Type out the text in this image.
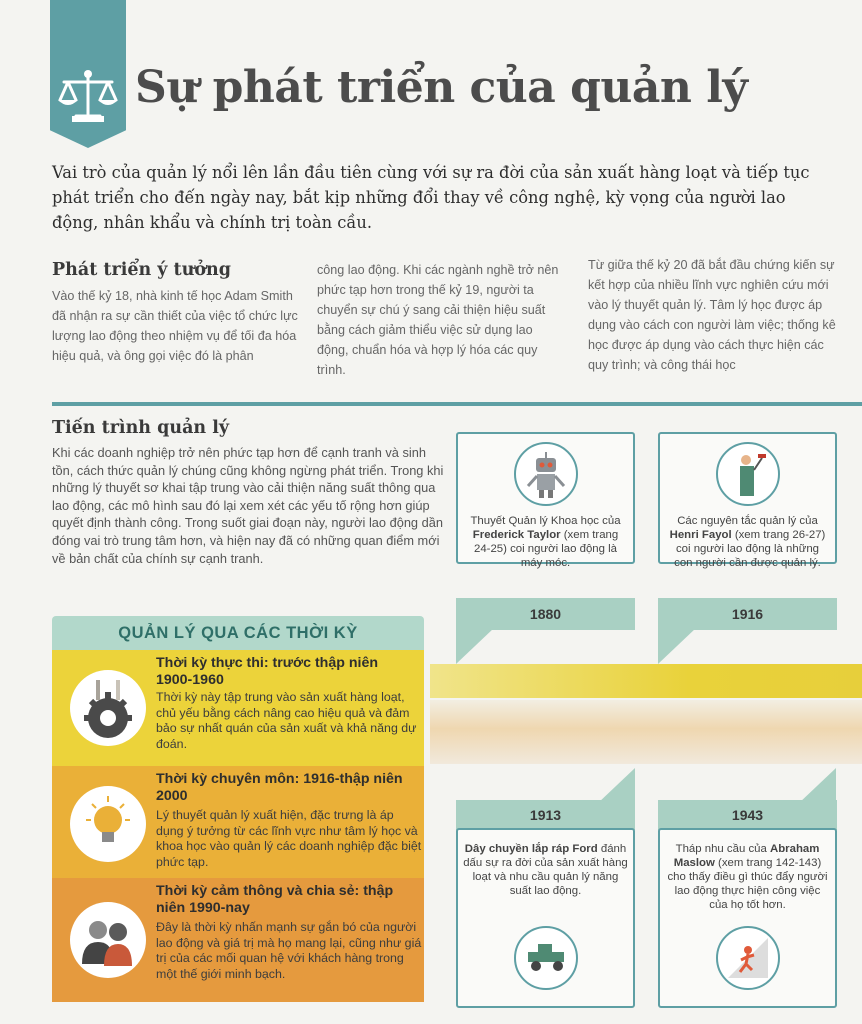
Sự phát triển của quản lý
Vai trò của quản lý nổi lên lần đầu tiên cùng với sự ra đời của sản xuất hàng loạt và tiếp tục phát triển cho đến ngày nay, bắt kịp những đổi thay về công nghệ, kỳ vọng của người lao động, nhân khẩu và chính trị toàn cầu.
Phát triển ý tưởng
Vào thế kỷ 18, nhà kinh tế học Adam Smith đã nhận ra sự cần thiết của việc tổ chức lực lượng lao động theo nhiệm vụ để tối đa hóa hiệu quả, và ông gọi việc đó là phân
công lao động. Khi các ngành nghề trở nên phức tạp hơn trong thế kỷ 19, người ta chuyển sự chú ý sang cải thiện hiệu suất bằng cách giảm thiểu việc sử dụng lao động, chuẩn hóa và hợp lý hóa các quy trình.
Từ giữa thế kỷ 20 đã bắt đầu chứng kiến sự kết hợp của nhiều lĩnh vực nghiên cứu mới vào lý thuyết quản lý. Tâm lý học được áp dụng vào cách con người làm việc; thống kê học được áp dụng vào cách thực hiện các quy trình; và công thái học
Tiến trình quản lý
Khi các doanh nghiệp trở nên phức tạp hơn để cạnh tranh và sinh tồn, cách thức quản lý chúng cũng không ngừng phát triển. Trong khi những lý thuyết sơ khai tập trung vào cải thiện năng suất thông qua lao động, các mô hình sau đó lại xem xét các yếu tố rộng hơn giúp quyết định thành công. Trong suốt giai đoạn này, người lao động dần đóng vai trò trung tâm hơn, và hiện nay đã có những quan điểm mới về bản chất của chính sự cạnh tranh.
Thuyết Quản lý Khoa học của Frederick Taylor (xem trang 24-25) coi người lao động là máy móc.
1880
Các nguyên tắc quản lý của Henri Fayol (xem trang 26-27) coi người lao động là những con người cần được quản lý.
1916
1913
Dây chuyền lắp ráp Ford đánh dấu sự ra đời của sản xuất hàng loạt và nhu cầu quản lý năng suất lao động.
1943
Tháp nhu cầu của Abraham Maslow (xem trang 142-143) cho thấy điều gì thúc đẩy người lao động thực hiện công việc của họ tốt hơn.
QUẢN LÝ QUA CÁC THỜI KỲ
Thời kỳ thực thi: trước thập niên 1900-1960
Thời kỳ này tập trung vào sản xuất hàng loạt, chủ yếu bằng cách nâng cao hiệu quả và đảm bảo sự nhất quán của sản xuất và khả năng dự đoán.
Thời kỳ chuyên môn: 1916-thập niên 2000
Lý thuyết quản lý xuất hiện, đặc trưng là áp dụng ý tưởng từ các lĩnh vực như tâm lý học và khoa học vào quản lý các doanh nghiệp đặc biệt phức tạp.
Thời kỳ cảm thông và chia sẻ: thập niên 1990-nay
Đây là thời kỳ nhấn mạnh sự gắn bó của người lao động và giá trị mà họ mang lại, cũng như giá trị của các mối quan hệ với khách hàng trong một thế giới minh bạch.
